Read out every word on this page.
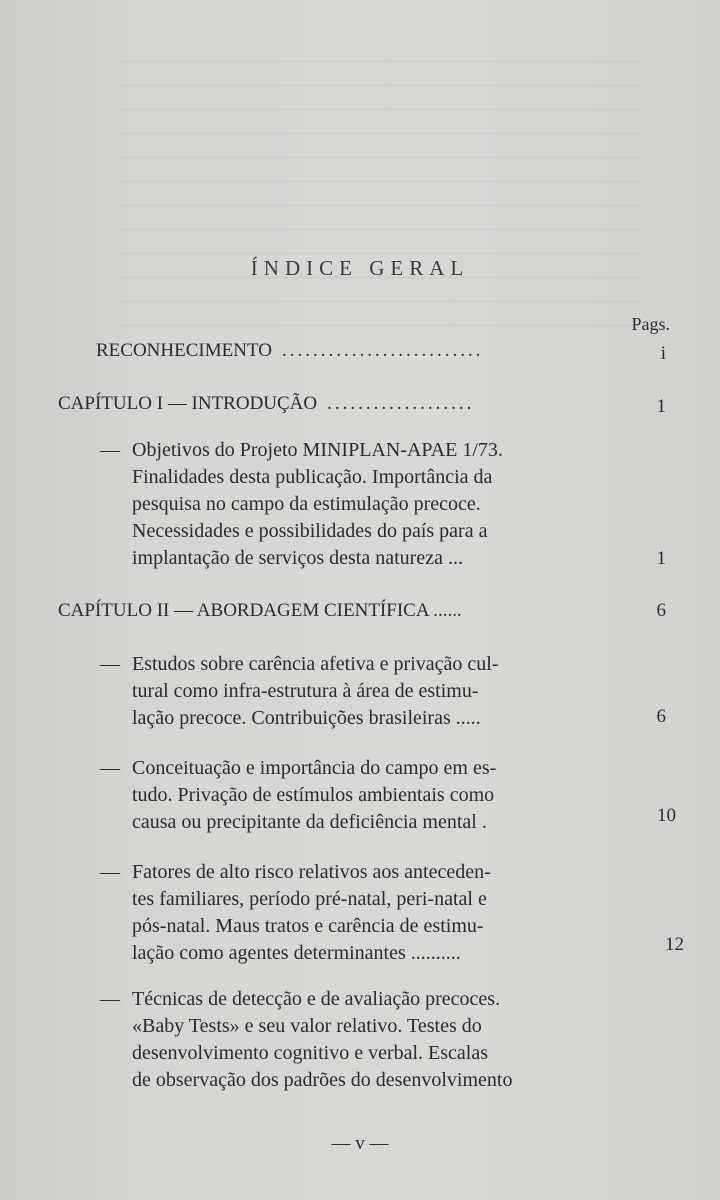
ÍNDICE GERAL
Pags.
RECONHECIMENTO ..........................	i
CAPÍTULO I — INTRODUÇÃO ...................	1
— Objetivos do Projeto MINIPLAN-APAE 1/73.
Finalidades desta publicação. Importância da
pesquisa no campo da estimulação precoce.
Necessidades e possibilidades do país para a
implantação de serviços desta natureza ...	1
CAPÍTULO II — ABORDAGEM CIENTÍFICA ......	6
— Estudos sobre carência afetiva e privação cul-
tural como infra-estrutura à área de estimu-
lação precoce. Contribuições brasileiras .....	6
— Conceituação e importância do campo em es-
tudo. Privação de estímulos ambientais como
causa ou precipitante da deficiência mental .	10
— Fatores de alto risco relativos aos anteceden-
tes familiares, período pré-natal, peri-natal e
pós-natal. Maus tratos e carência de estimu-
lação como agentes determinantes ..........	12
— Técnicas de detecção e de avaliação precoces.
«Baby Tests» e seu valor relativo. Testes do
desenvolvimento cognitivo e verbal. Escalas
de observação dos padrões do desenvolvimento
— v —
